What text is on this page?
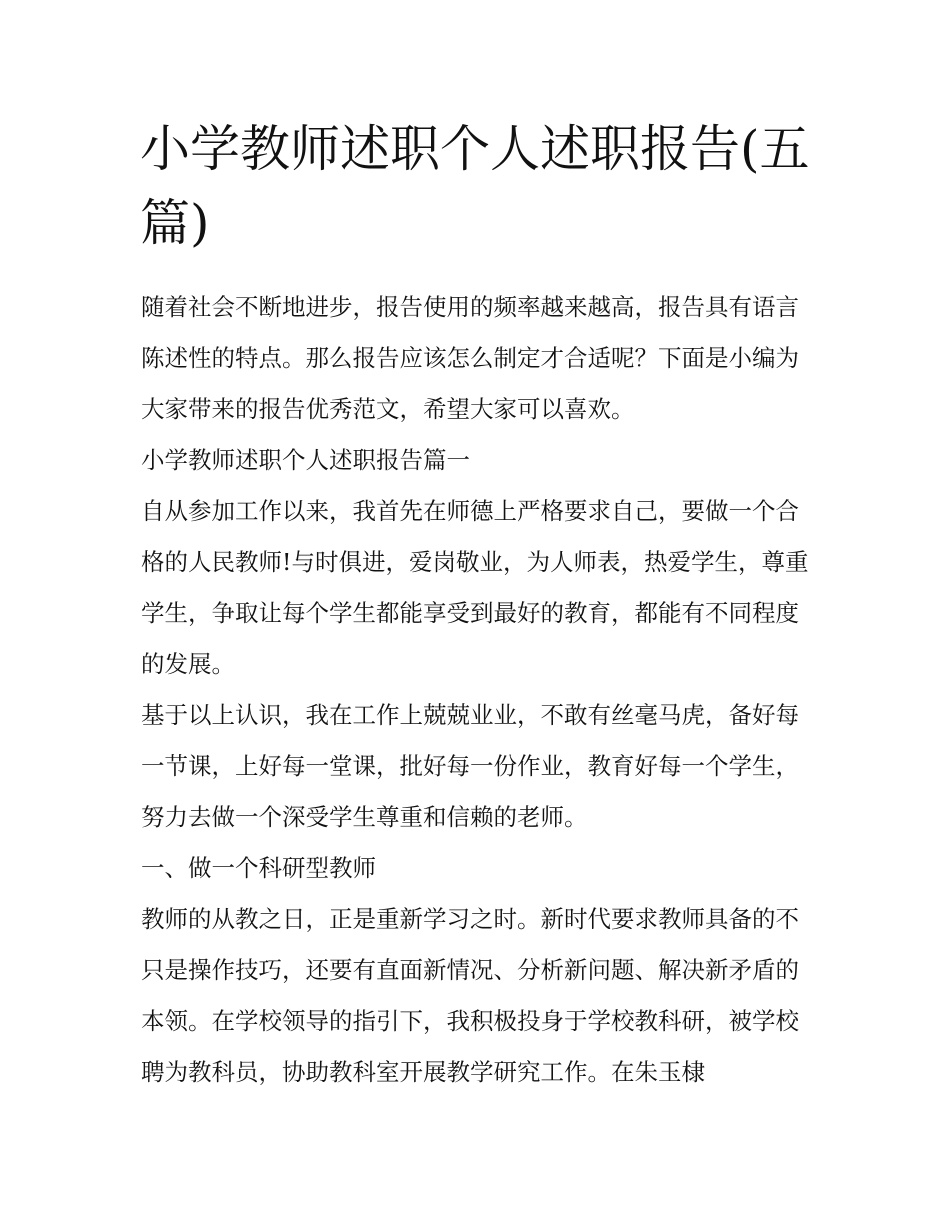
小学教师述职个人述职报告(五篇)

随着社会不断地进步，报告使用的频率越来越高，报告具有语言陈述性的特点。那么报告应该怎么制定才合适呢？下面是小编为大家带来的报告优秀范文，希望大家可以喜欢。

小学教师述职个人述职报告篇一

自从参加工作以来，我首先在师德上严格要求自己，要做一个合格的人民教师!与时俱进，爱岗敬业，为人师表，热爱学生，尊重学生，争取让每个学生都能享受到最好的教育，都能有不同程度的发展。

基于以上认识，我在工作上兢兢业业，不敢有丝毫马虎，备好每一节课，上好每一堂课，批好每一份作业，教育好每一个学生，努力去做一个深受学生尊重和信赖的老师。

一、做一个科研型教师

教师的从教之日，正是重新学习之时。新时代要求教师具备的不只是操作技巧，还要有直面新情况、分析新问题、解决新矛盾的本领。在学校领导的指引下，我积极投身于学校教科研，被学校聘为教科员，协助教科室开展教学研究工作。在朱玉棣
